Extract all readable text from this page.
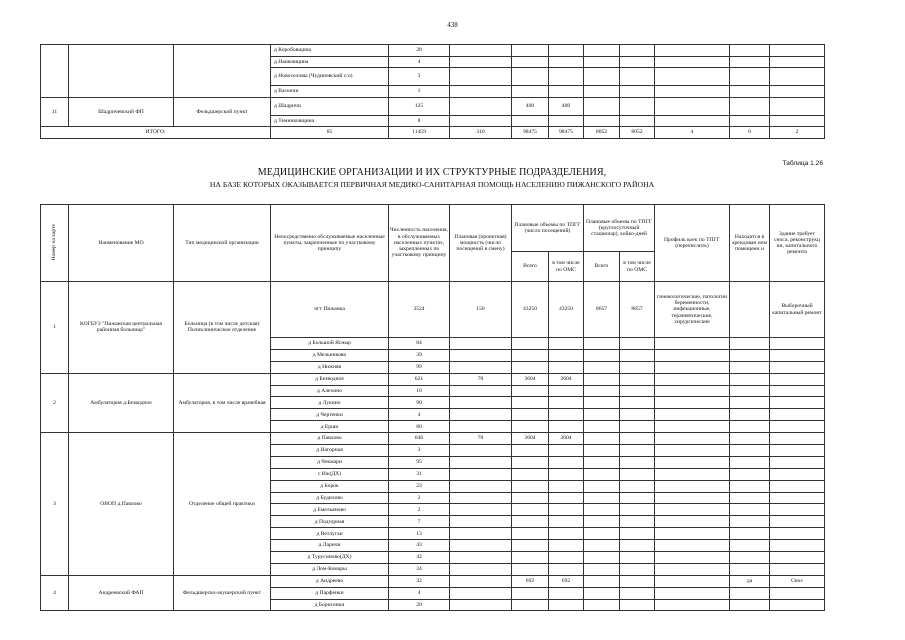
438
			д Коробовщина	28								
			д Наиковщина	4								
			д Новоселовы (Чудиновский с/о)	3								
			д Васкичи	1								
11	Шадричевский ФП	Фельдшерский пункт	д Шадричи	125		400	400					
			д Темниковщина	8								
ИТОГО:			85	11459	310	98475	98475	8052	8052	4	0	2
Таблица 1.26
МЕДИЦИНСКИЕ ОРГАНИЗАЦИИ И ИХ СТРУКТУРНЫЕ ПОДРАЗДЕЛЕНИЯ,
НА БАЗЕ КОТОРЫХ ОКАЗЫВАЕТСЯ ПЕРВИЧНАЯ МЕДИКО-САНИТАРНАЯ ПОМОЩЬ НАСЕЛЕНИЮ ПИЖАНСКОГО РАЙОНА
Номер на карте	Наименование МО	Тип медицинской организации	Непосредственно обслуживаемые населенные пункты, закрепленные по участковому принципу	Численность населения, в обслуживаемых населенных пунктах, закрепленных по участковому принципу	Плановая (проектная) мощность (число посещений в смену)	Плановые объемы по ТПГГ (число посещений)		Плановые объемы по ТПГГ (круглосуточный стационар), койко-дней		Профиль коек по ТПГГ (перечислить)	Находится в арендован ном помещени и	Здание требует сноса, реконструкц ии, капитального ремонта
						Всего	в том числе по ОМС	Всего	в том числе по ОМС			
1	КОГБУЗ "Пижанская центральная районная больница"	Больница (в том числе детская) Поликлиническое отделение	пгт Пижанка	3524	150	43250	43250	8657	8657	гинекологические, патологии беременности, инфекционные, терапевтические, хирургические		Выборочный капитальный ремонт
			д Большой Ясныр	84								
			д Мельниково	39								
			д Нижняя	99								
2	Амбулатория д.Безводное	Амбулатория, в том числе врачебная	д Безводное	621	70	3604	3604					
			д Алехино	10								
			д Лукино	90								
			д Чертенки	4								
			д Ерши	80								
3	ОВОП д.Павлово	Отделение общей практики	д Павлово	646	70	3604	3604					
			д Нагорная	3								
			д Чекмари	95								
			с Иж(ДХ)	31								
			д Борок	23								
			д Будилово	2								
			д Емельяново	2								
			д Подгорная	7								
			д Ветлугаи	13								
			д Ларичи	43								
			д Турусиново(ДХ)	42								
			д Лом-Комары	34								
4	Андреевский ФАП	Фельдшерско-акушерский пункт	д Андреево	32		692	692				да	Снос
			д Парфенки	4								
			д Борисенки	20								
